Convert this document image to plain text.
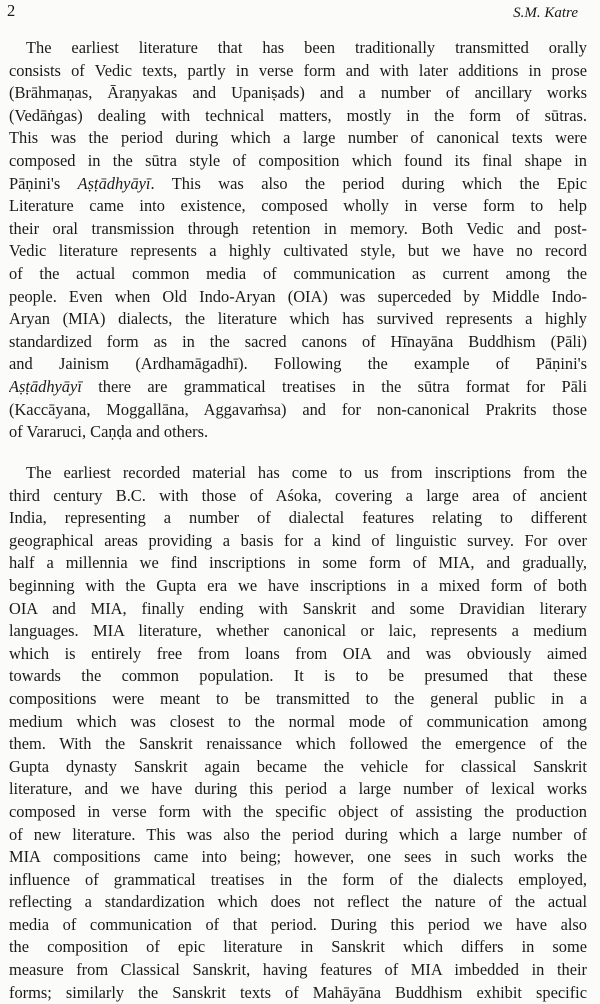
2	S.M. Katre
The earliest literature that has been traditionally transmitted orally
consists of Vedic texts, partly in verse form and with later additions in prose
(Brāhmaṇas, Āraṇyakas and Upaniṣads) and a number of ancillary works
(Vedāṅgas) dealing with technical matters, mostly in the form of sūtras.
This was the period during which a large number of canonical texts were
composed in the sūtra style of composition which found its final shape in
Pāṇini's Aṣṭādhyāyī. This was also the period during which the Epic
Literature came into existence, composed wholly in verse form to help
their oral transmission through retention in memory. Both Vedic and post-
Vedic literature represents a highly cultivated style, but we have no record
of the actual common media of communication as current among the
people. Even when Old Indo-Aryan (OIA) was superceded by Middle Indo-
Aryan (MIA) dialects, the literature which has survived represents a highly
standardized form as in the sacred canons of Hīnayāna Buddhism (Pāli)
and Jainism (Ardhamāgadhī). Following the example of Pāṇini's
Aṣṭādhyāyī there are grammatical treatises in the sūtra format for Pāli
(Kaccāyana, Moggallāna, Aggavaṁsa) and for non-canonical Prakrits those
of Vararuci, Caṇḍa and others.
The earliest recorded material has come to us from inscriptions from the
third century B.C. with those of Aśoka, covering a large area of ancient
India, representing a number of dialectal features relating to different
geographical areas providing a basis for a kind of linguistic survey. For over
half a millennia we find inscriptions in some form of MIA, and gradually,
beginning with the Gupta era we have inscriptions in a mixed form of both
OIA and MIA, finally ending with Sanskrit and some Dravidian literary
languages. MIA literature, whether canonical or laic, represents a medium
which is entirely free from loans from OIA and was obviously aimed
towards the common population. It is to be presumed that these
compositions were meant to be transmitted to the general public in a
medium which was closest to the normal mode of communication among
them. With the Sanskrit renaissance which followed the emergence of the
Gupta dynasty Sanskrit again became the vehicle for classical Sanskrit
literature, and we have during this period a large number of lexical works
composed in verse form with the specific object of assisting the production
of new literature. This was also the period during which a large number of
MIA compositions came into being; however, one sees in such works the
influence of grammatical treatises in the form of the dialects employed,
reflecting a standardization which does not reflect the nature of the actual
media of communication of that period. During this period we have also
the composition of epic literature in Sanskrit which differs in some
measure from Classical Sanskrit, having features of MIA imbedded in their
forms; similarly the Sanskrit texts of Mahāyāna Buddhism exhibit specific
